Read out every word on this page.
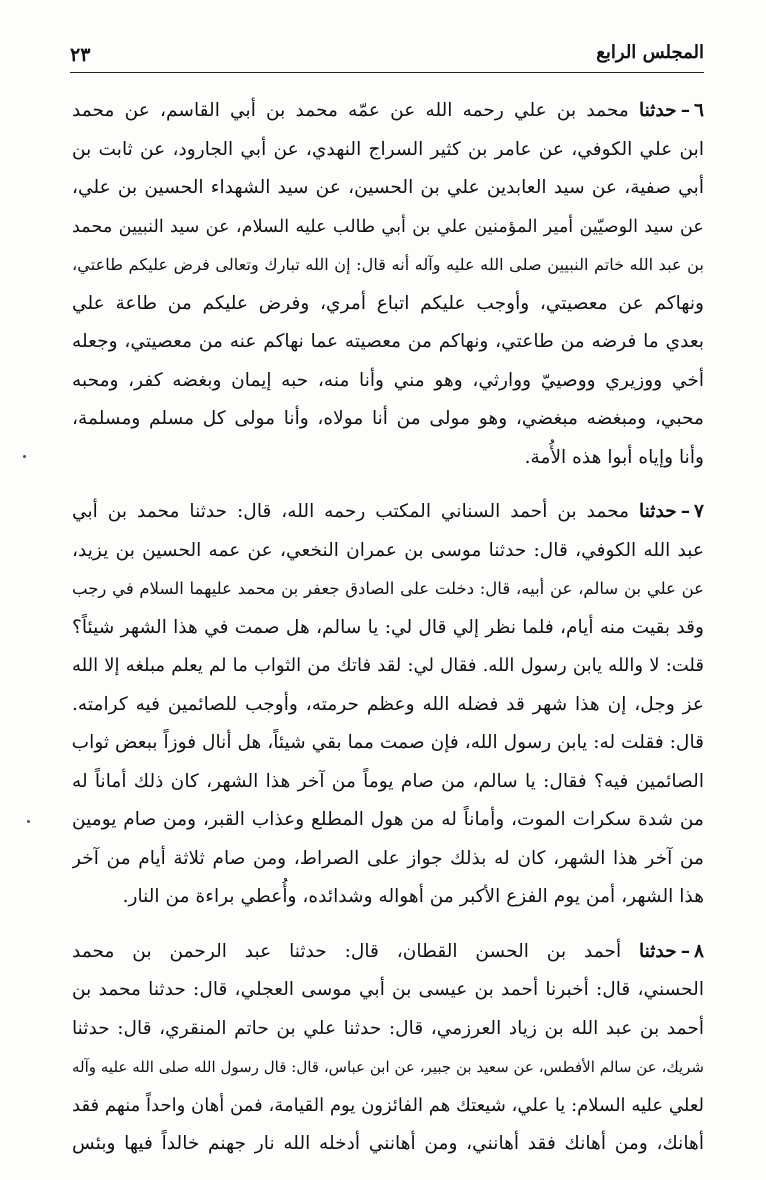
المجلس الرابع
٢٣
٦–حدثنا محمد بن علي رحمه الله عن عمّه محمد بن أبي القاسم، عن محمد
ابن علي الكوفي، عن عامر بن كثير السراج النهدي، عن أبي الجارود، عن ثابت بن
أبي صفية، عن سيد العابدين علي بن الحسين، عن سيد الشهداء الحسين بن علي،
عن سيد الوصيّين أمير المؤمنين علي بن أبي طالب عليه السلام، عن سيد النبيين محمد
بن عبد الله خاتم النبيين صلى الله عليه وآله أنه قال: إن الله تبارك وتعالى فرض عليكم طاعتي،
ونهاكم عن معصيتي، وأوجب عليكم اتباع أمري، وفرض عليكم من طاعة علي
بعدي ما فرضه من طاعتي، ونهاكم من معصيته عما نهاكم عنه من معصيتي، وجعله
أخي ووزيري ووصييّ ووارثي، وهو مني وأنا منه، حبه إيمان وبغضه كفر، ومحبه
محبي، ومبغضه مبغضي، وهو مولى من أنا مولاه، وأنا مولى كل مسلم ومسلمة،
وأنا وإياه أبوا هذه الأُمة.
٧–حدثنا محمد بن أحمد السناني المكتب رحمه الله، قال: حدثنا محمد بن أبي
عبد الله الكوفي، قال: حدثنا موسى بن عمران النخعي، عن عمه الحسين بن يزيد،
عن علي بن سالم، عن أبيه، قال: دخلت على الصادق جعفر بن محمد عليهما السلام في رجب
وقد بقيت منه أيام، فلما نظر إلي قال لي: يا سالم، هل صمت في هذا الشهر شيئاً؟
قلت: لا والله يابن رسول الله. فقال لي: لقد فاتك من الثواب ما لم يعلم مبلغه إلا الله
عز وجل، إن هذا شهر قد فضله الله وعظم حرمته، وأوجب للصائمين فيه كرامته.
قال: فقلت له: يابن رسول الله، فإن صمت مما بقي شيئاً، هل أنال فوزاً ببعض ثواب
الصائمين فيه؟ فقال: يا سالم، من صام يوماً من آخر هذا الشهر، كان ذلك أماناً له
من شدة سكرات الموت، وأماناً له من هول المطلع وعذاب القبر، ومن صام يومين
من آخر هذا الشهر، كان له بذلك جواز على الصراط، ومن صام ثلاثة أيام من آخر
هذا الشهر، أمن يوم الفزع الأكبر من أهواله وشدائده، وأُعطي براءة من النار.
٨–حدثنا أحمد بن الحسن القطان، قال: حدثنا عبد الرحمن بن محمد
الحسني، قال: أخبرنا أحمد بن عيسى بن أبي موسى العجلي، قال: حدثنا محمد بن
أحمد بن عبد الله بن زياد العرزمي، قال: حدثنا علي بن حاتم المنقري، قال: حدثنا
شريك، عن سالم الأفطس، عن سعيد بن جبير، عن ابن عباس، قال: قال رسول الله صلى الله عليه وآله
لعلي عليه السلام: يا علي، شيعتك هم الفائزون يوم القيامة، فمن أهان واحداً منهم فقد
أهانك، ومن أهانك فقد أهانني، ومن أهانني أدخله الله نار جهنم خالداً فيها وبئس
